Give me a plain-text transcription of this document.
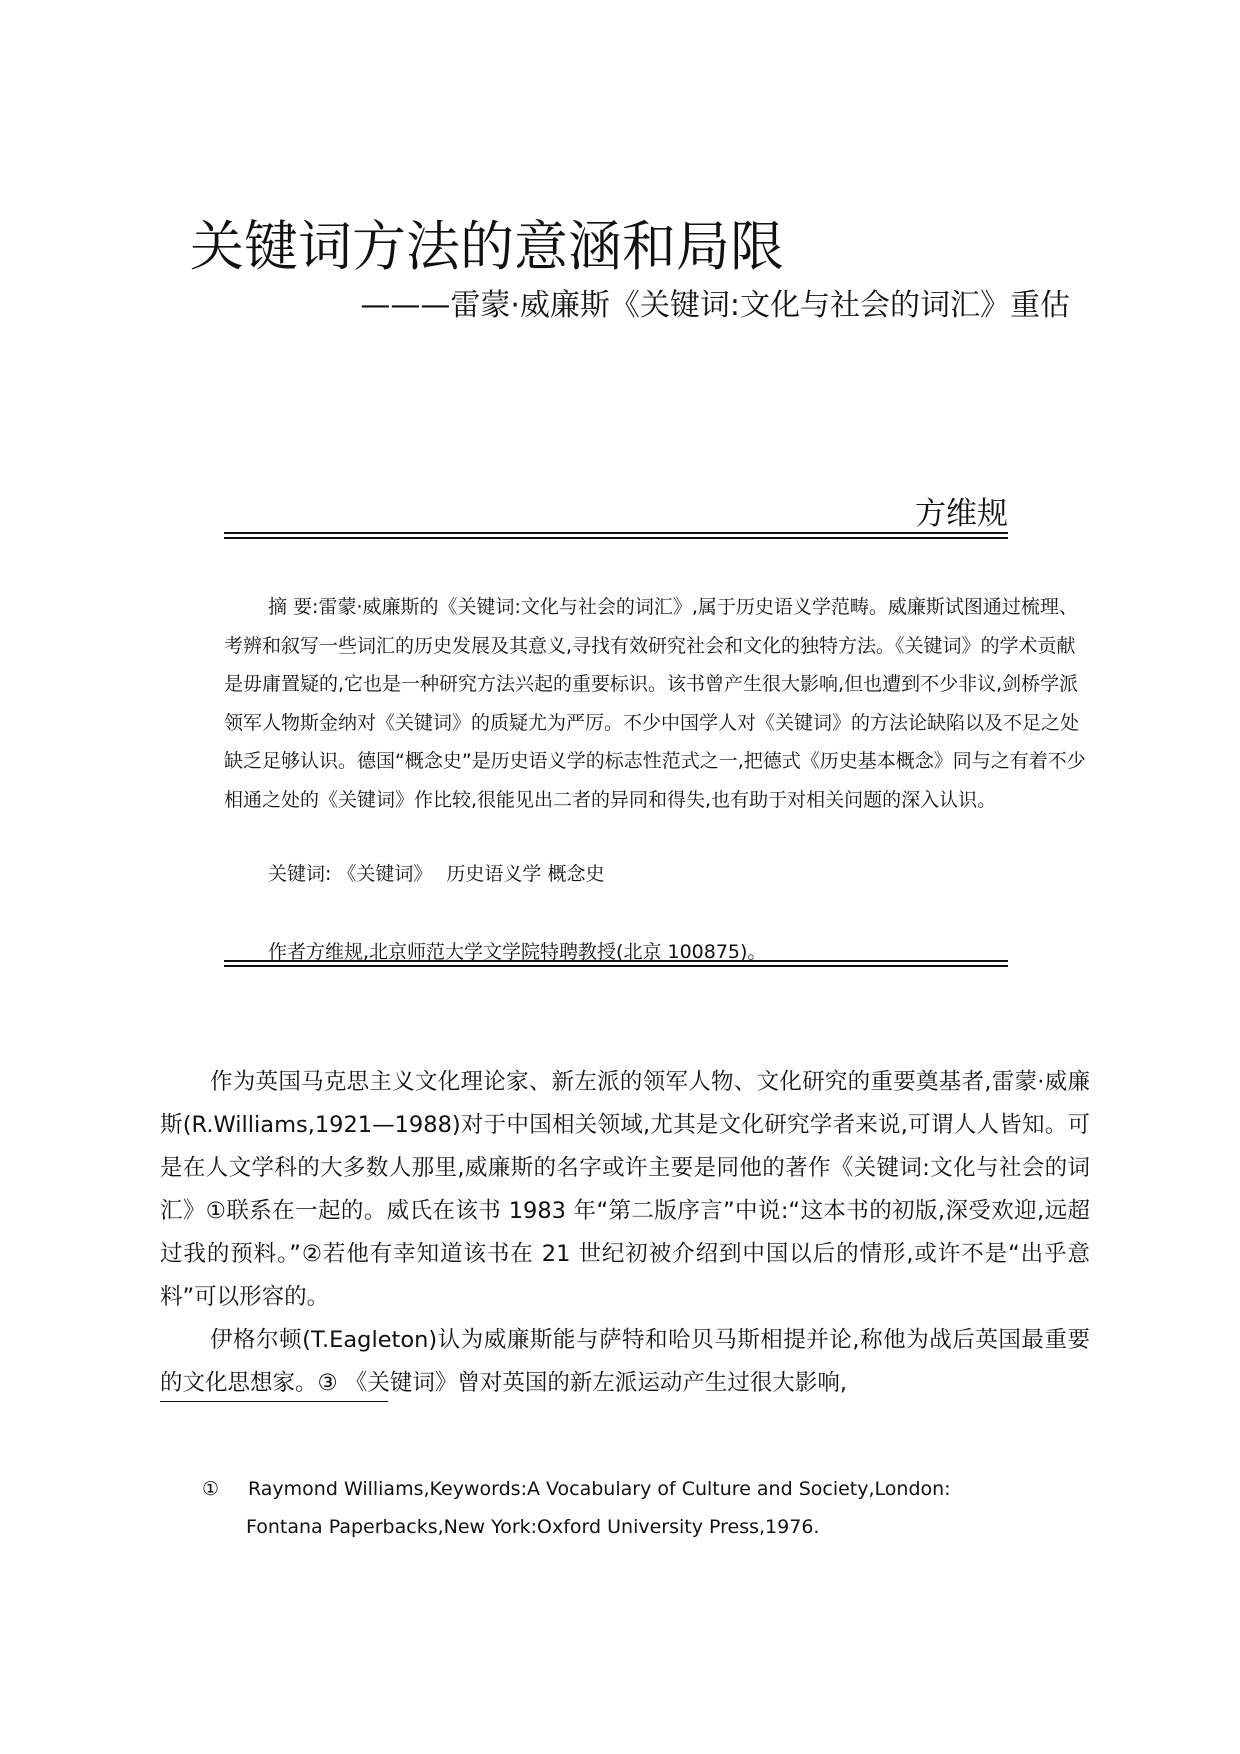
关键词方法的意涵和局限
———雷蒙·威廉斯《关键词:文化与社会的词汇》重估
方维规
摘 要:雷蒙·威廉斯的《关键词:文化与社会的词汇》,属于历史语义学范畴。威廉斯试图通过梳理、考辨和叙写一些词汇的历史发展及其意义,寻找有效研究社会和文化的独特方法。《关键词》的学术贡献是毋庸置疑的,它也是一种研究方法兴起的重要标识。该书曾产生很大影响,但也遭到不少非议,剑桥学派领军人物斯金纳对《关键词》的质疑尤为严厉。不少中国学人对《关键词》的方法论缺陷以及不足之处缺乏足够认识。德国“概念史”是历史语义学的标志性范式之一,把德式《历史基本概念》同与之有着不少相通之处的《关键词》作比较,很能见出二者的异同和得失,也有助于对相关问题的深入认识。
关键词: 《关键词》 历史语义学 概念史
作者方维规,北京师范大学文学院特聘教授(北京 100875)。

作为英国马克思主义文化理论家、新左派的领军人物、文化研究的重要奠基者,雷蒙·威廉斯(R.Williams,1921—1988)对于中国相关领域,尤其是文化研究学者来说,可谓人人皆知。可是在人文学科的大多数人那里,威廉斯的名字或许主要是同他的著作《关键词:文化与社会的词汇》①联系在一起的。威氏在该书 1983 年“第二版序言”中说:“这本书的初版,深受欢迎,远超过我的预料。”②若他有幸知道该书在 21 世纪初被介绍到中国以后的情形,或许不是“出乎意料”可以形容的。

伊格尔顿(T.Eagleton)认为威廉斯能与萨特和哈贝马斯相提并论,称他为战后英国最重要的文化思想家。③ 《关键词》曾对英国的新左派运动产生过很大影响,

① Raymond Williams,Keywords:A Vocabulary of Culture and Society,London:
Fontana Paperbacks,New York:Oxford University Press,1976.
